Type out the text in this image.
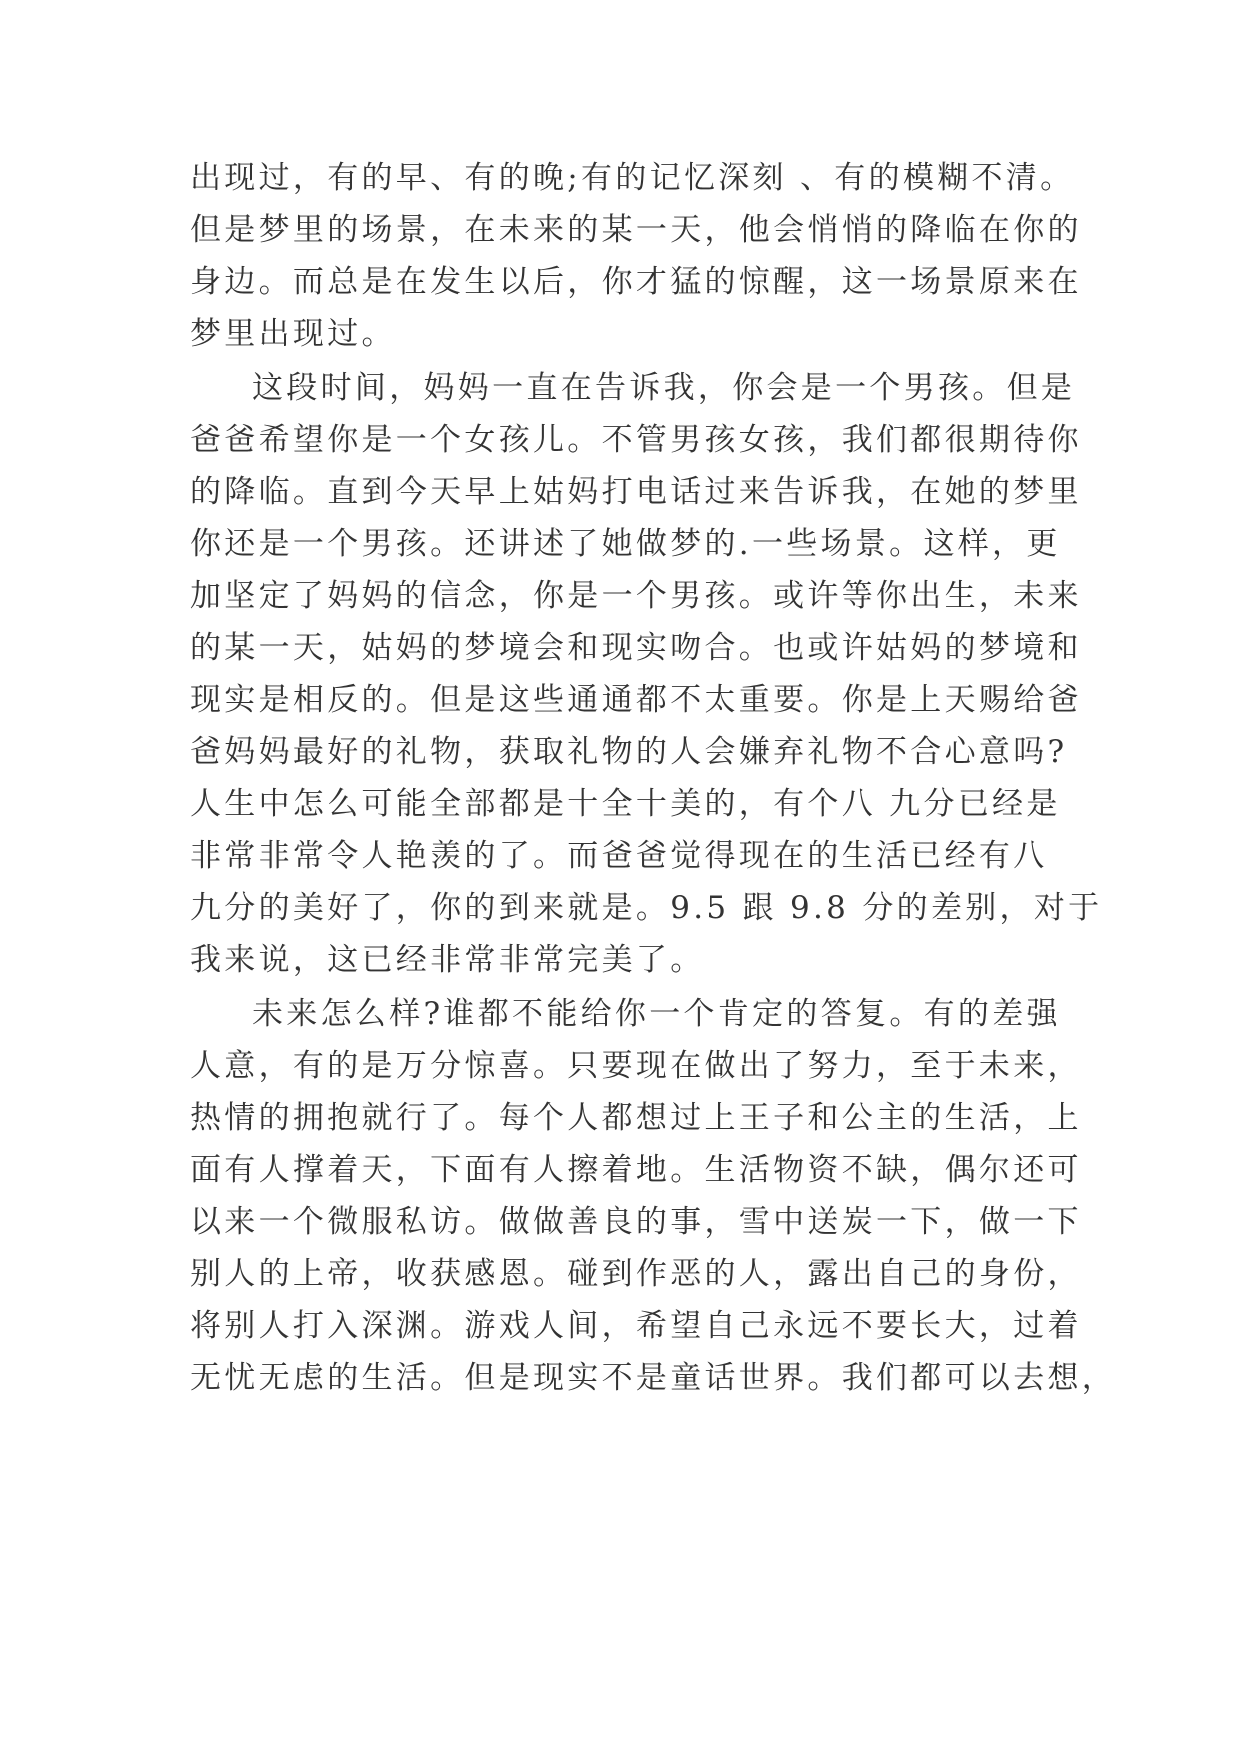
出现过，有的早、有的晚;有的记忆深刻 、有的模糊不清。
但是梦里的场景，在未来的某一天，他会悄悄的降临在你的
身边。而总是在发生以后，你才猛的惊醒，这一场景原来在
梦里出现过。
这段时间，妈妈一直在告诉我，你会是一个男孩。但是
爸爸希望你是一个女孩儿。不管男孩女孩，我们都很期待你
的降临。直到今天早上姑妈打电话过来告诉我，在她的梦里
你还是一个男孩。还讲述了她做梦的.一些场景。这样，更
加坚定了妈妈的信念，你是一个男孩。或许等你出生，未来
的某一天，姑妈的梦境会和现实吻合。也或许姑妈的梦境和
现实是相反的。但是这些通通都不太重要。你是上天赐给爸
爸妈妈最好的礼物，获取礼物的人会嫌弃礼物不合心意吗?
人生中怎么可能全部都是十全十美的，有个八 九分已经是
非常非常令人艳羡的了。而爸爸觉得现在的生活已经有八
九分的美好了，你的到来就是。9.5 跟 9.8 分的差别，对于
我来说，这已经非常非常完美了。
未来怎么样?谁都不能给你一个肯定的答复。有的差强
人意，有的是万分惊喜。只要现在做出了努力，至于未来，
热情的拥抱就行了。每个人都想过上王子和公主的生活，上
面有人撑着天，下面有人擦着地。生活物资不缺，偶尔还可
以来一个微服私访。做做善良的事，雪中送炭一下，做一下
别人的上帝，收获感恩。碰到作恶的人，露出自己的身份，
将别人打入深渊。游戏人间，希望自己永远不要长大，过着
无忧无虑的生活。但是现实不是童话世界。我们都可以去想，
